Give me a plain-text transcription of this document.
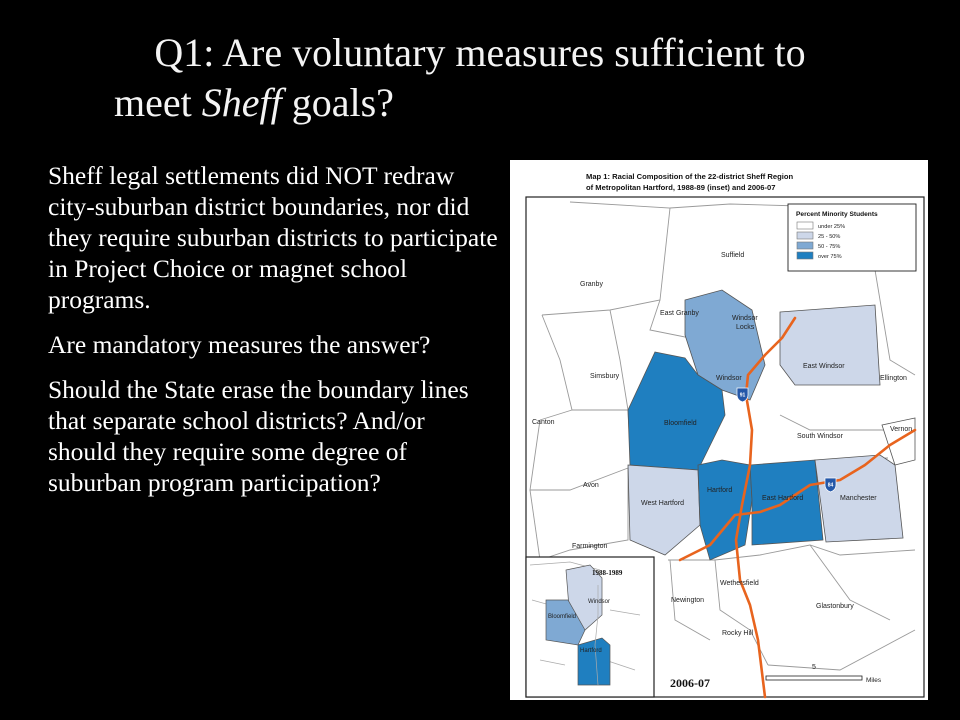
Q1: Are voluntary measures sufficient to
meet Sheff goals?

Sheff legal settlements did NOT redraw city-suburban district boundaries, nor did they require suburban districts to participate in Project Choice or magnet school programs.

Are mandatory measures the answer?

Should the State erase the boundary lines that separate school districts? And/or should they require some degree of suburban program participation?

Map 1: Racial Composition of the 22-district Sheff Region
of Metropolitan Hartford, 1988-89 (inset) and 2006-07
91
84
Suffield
Granby
East Granby
Windsor
Locks
Windsor
East Windsor
Ellington
Simsbury
Bloomfield
Canton
South Windsor
Vernon
Avon
Hartford
East Hartford
West Hartford
Manchester
Farmington
Wethersfield
Newington
Glastonbury
Rocky Hill
Percent Minority Students
under 25%
25 - 50%
50 - 75%
over 75%
1988-1989
Windsor
Bloomfield
Hartford
2006-07
5
Miles
